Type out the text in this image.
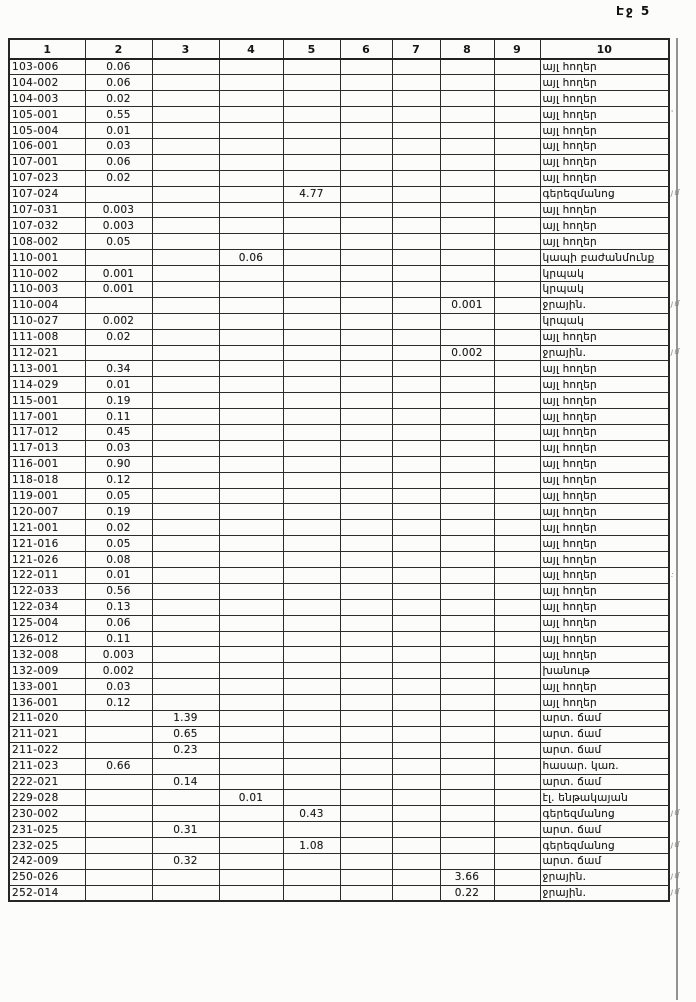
Էջ 5
1	2	3	4	5	6	7	8	9	10
103-006	0.06								այլ հողեր
104-002	0.06								այլ հողեր
104-003	0.02								այլ հողեր
105-001	0.55								այլ հողեր
105-004	0.01								այլ հողեր
106-001	0.03								այլ հողեր
107-001	0.06								այլ հողեր
107-023	0.02								այլ հողեր
107-024				4.77					գերեզմանոց
107-031	0.003								այլ հողեր
107-032	0.003								այլ հողեր
108-002	0.05								այլ հողեր
110-001			0.06						կապի բաժանմունք
110-002	0.001								կրպակ
110-003	0.001								կրպակ
110-004							0.001		ջրային.
110-027	0.002								կրպակ
111-008	0.02								այլ հողեր
112-021							0.002		ջրային.
113-001	0.34								այլ հողեր
114-029	0.01								այլ հողեր
115-001	0.19								այլ հողեր
117-001	0.11								այլ հողեր
117-012	0.45								այլ հողեր
117-013	0.03								այլ հողեր
116-001	0.90								այլ հողեր
118-018	0.12								այլ հողեր
119-001	0.05								այլ հողեր
120-007	0.19								այլ հողեր
121-001	0.02								այլ հողեր
121-016	0.05								այլ հողեր
121-026	0.08								այլ հողեր
122-011	0.01								այլ հողեր
122-033	0.56								այլ հողեր
122-034	0.13								այլ հողեր
125-004	0.06								այլ հողեր
126-012	0.11								այլ հողեր
132-008	0.003								այլ հողեր
132-009	0.002								խանութ
133-001	0.03								այլ հողեր
136-001	0.12								այլ հողեր
211-020		1.39							արտ. ճամ
211-021		0.65							արտ. ճամ
211-022		0.23							արտ. ճամ
211-023	0.66								հասար. կառ.
222-021		0.14							արտ. ճամ
229-028			0.01						էլ. ենթակայան
230-002				0.43					գերեզմանոց
231-025		0.31							արտ. ճամ
232-025				1.08					գերեզմանոց
242-009		0.32							արտ. ճամ
250-026							3.66		ջրային.
252-014							0.22		ջրային.
'
յմ
յմ
յմ
:
յմ
յմ
յմ
յմ
